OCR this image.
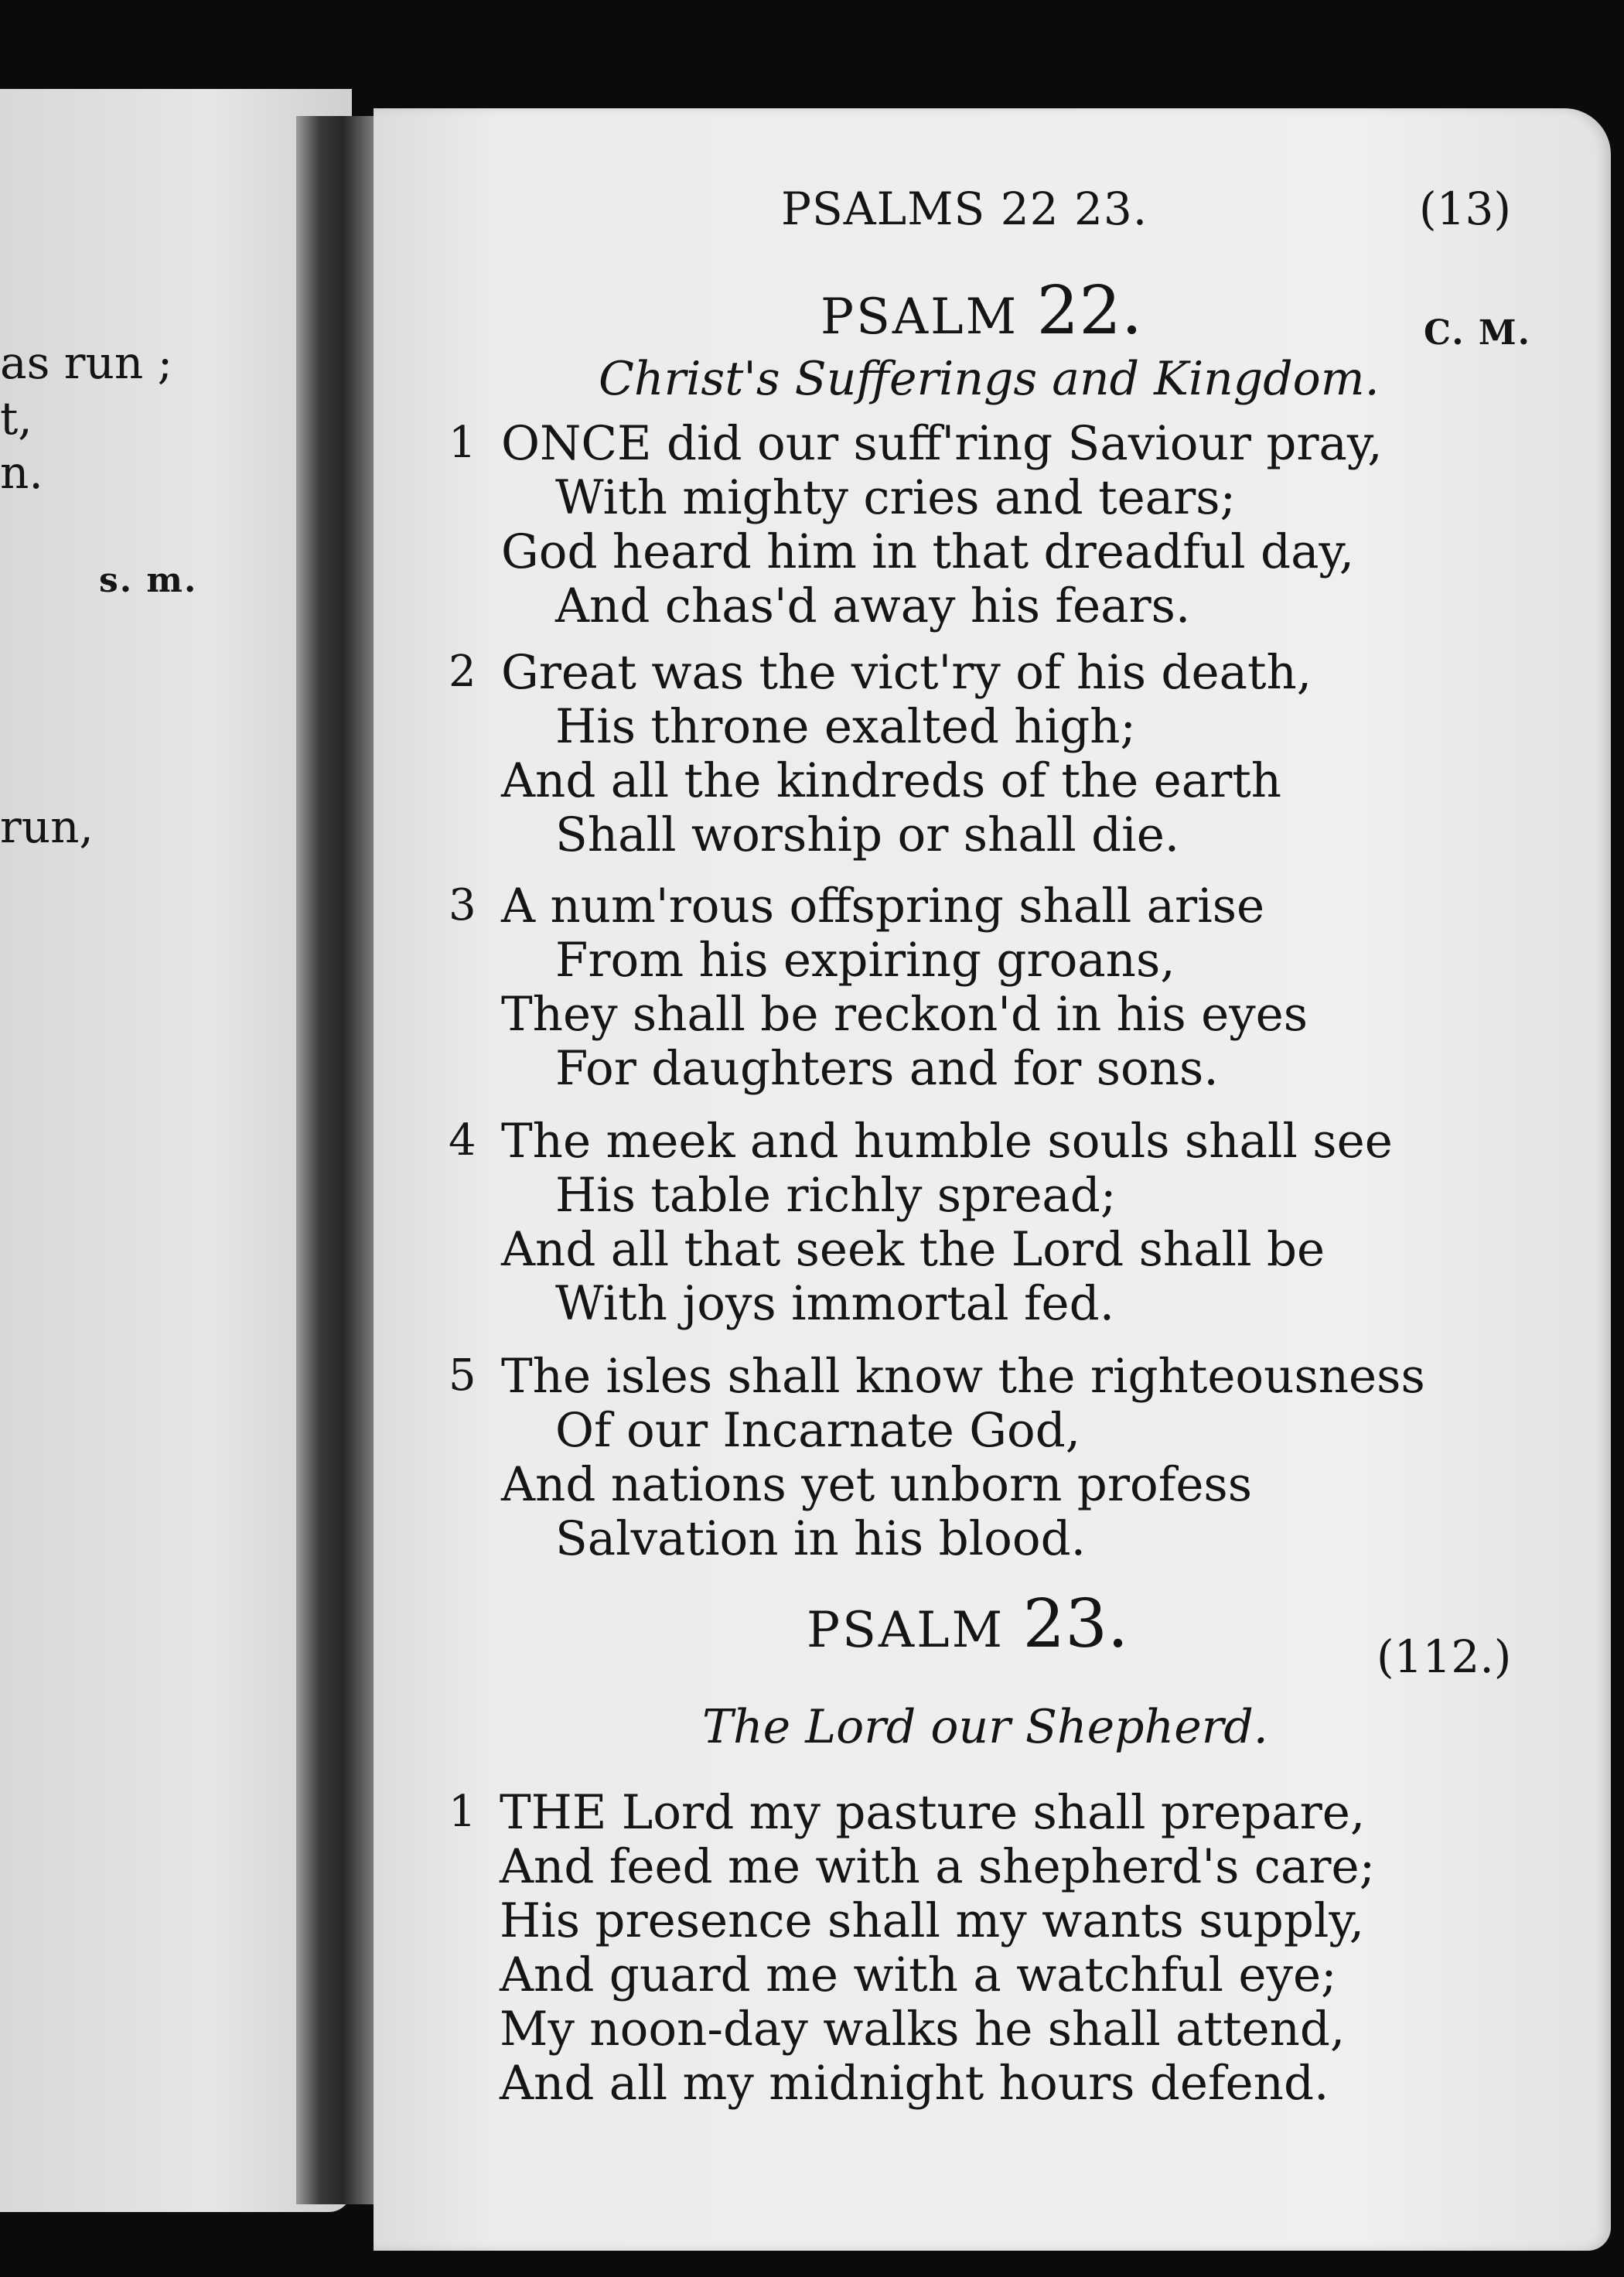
as run ;
t,
n.
s. m.
run,
PSALMS 22 23.	(13)
PSALM 22.	C. M.
Christ's Sufferings and Kingdom.
1 ONCE did our suff'ring Saviour pray,
With mighty cries and tears;
God heard him in that dreadful day,
And chas'd away his fears.
2 Great was the vict'ry of his death,
His throne exalted high;
And all the kindreds of the earth
Shall worship or shall die.
3 A num'rous offspring shall arise
From his expiring groans,
They shall be reckon'd in his eyes
For daughters and for sons.
4 The meek and humble souls shall see
His table richly spread;
And all that seek the Lord shall be
With joys immortal fed.
5 The isles shall know the righteousness
Of our Incarnate God,
And nations yet unborn profess
Salvation in his blood.
PSALM 23.	(112.)
The Lord our Shepherd.
1 THE Lord my pasture shall prepare,
And feed me with a shepherd's care;
His presence shall my wants supply,
And guard me with a watchful eye;
My noon-day walks he shall attend,
And all my midnight hours defend.
